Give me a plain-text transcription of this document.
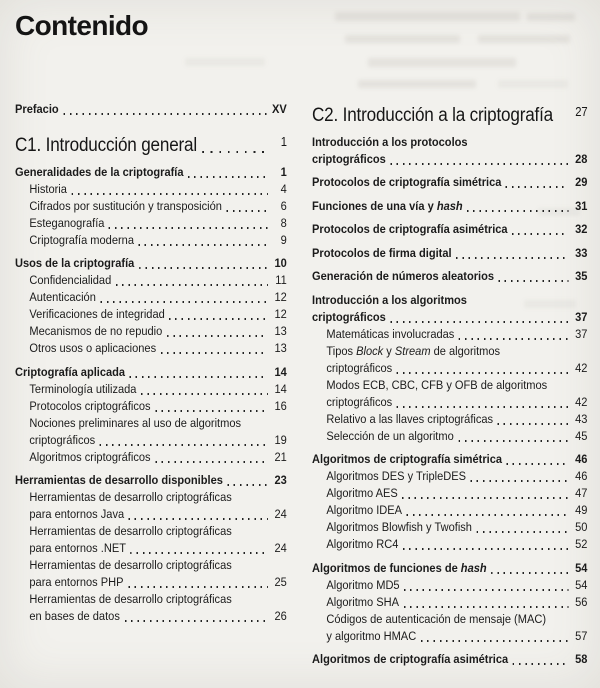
Contenido
Prefacio	XV
C1. Introducción general	1
Generalidades de la criptografía	1
Historia	4
Cifrados por sustitución y transposición	6
Esteganografía	8
Criptografía moderna	9
Usos de la criptografía	10
Confidencialidad	11
Autenticación	12
Verificaciones de integridad	12
Mecanismos de no repudio	13
Otros usos o aplicaciones	13
Criptografía aplicada	14
Terminología utilizada	14
Protocolos criptográficos	16
Nociones preliminares al uso de algoritmos
criptográficos	19
Algoritmos criptográficos	21
Herramientas de desarrollo disponibles	23
Herramientas de desarrollo criptográficas
para entornos Java	24
Herramientas de desarrollo criptográficas
para entornos .NET	24
Herramientas de desarrollo criptográficas
para entornos PHP	25
Herramientas de desarrollo criptográficas
en bases de datos	26
C2. Introducción a la criptografía 27
Introducción a los protocolos
criptográficos	28
Protocolos de criptografía simétrica	29
Funciones de una vía y hash	31
Protocolos de criptografía asimétrica	32
Protocolos de firma digital	33
Generación de números aleatorios	35
Introducción a los algoritmos
criptográficos	37
Matemáticas involucradas	37
Tipos Block y Stream de algoritmos
criptográficos	42
Modos ECB, CBC, CFB y OFB de algoritmos
criptográficos	42
Relativo a las llaves criptográficas	43
Selección de un algoritmo	45
Algoritmos de criptografía simétrica	46
Algoritmos DES y TripleDES	46
Algoritmo AES	47
Algoritmo IDEA	49
Algoritmos Blowfish y Twofish	50
Algoritmo RC4	52
Algoritmos de funciones de hash	54
Algoritmo MD5	54
Algoritmo SHA	56
Códigos de autenticación de mensaje (MAC)
y algoritmo HMAC	57
Algoritmos de criptografía asimétrica	58
